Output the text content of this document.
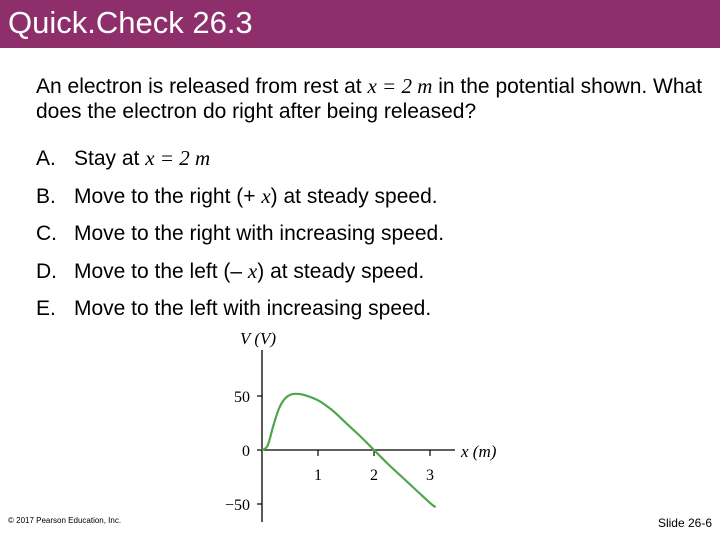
Quick.Check 26.3
An electron is released from rest at x = 2 m in the potential shown. What does the electron do right after being released?
A. Stay at x = 2 m
B. Move to the right (+ x) at steady speed.
C. Move to the right with increasing speed.
D. Move to the left (– x) at steady speed.
E. Move to the left with increasing speed.
V (V)
x (m)
50
0
−50
1	2	3
© 2017 Pearson Education, Inc.	Slide 26-6
